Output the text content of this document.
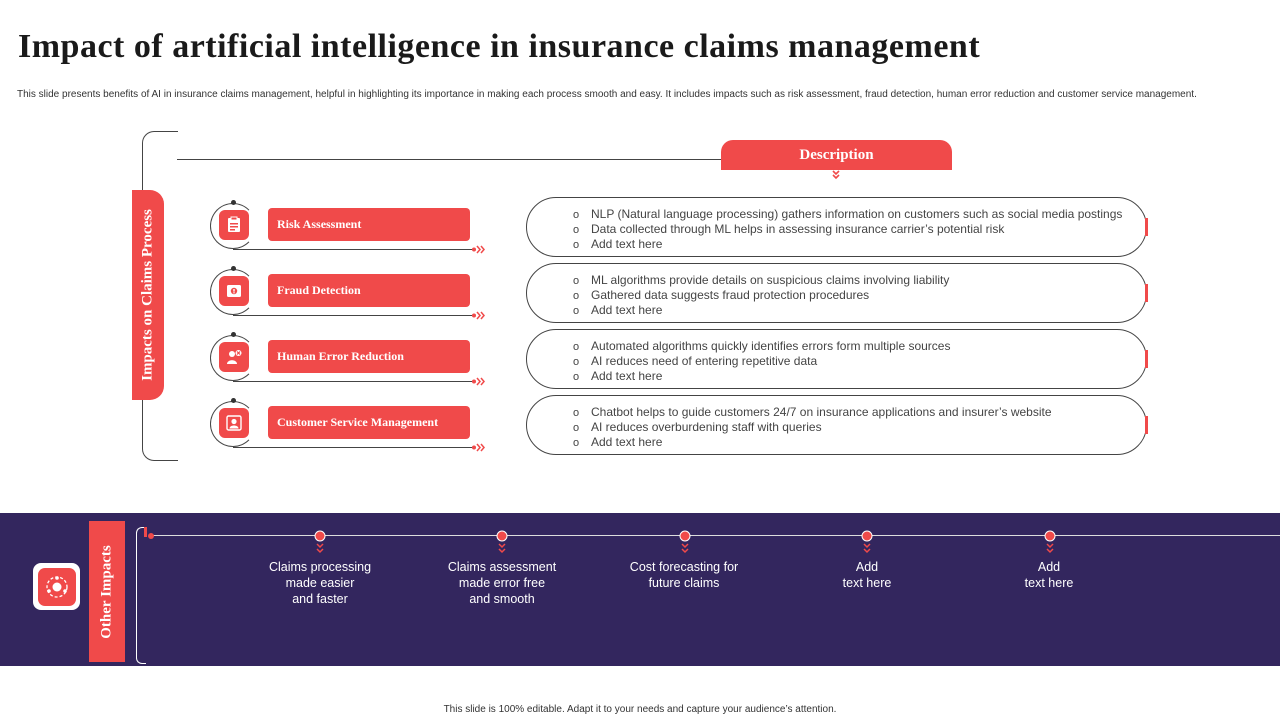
Impact of artificial intelligence in insurance claims management
This slide presents benefits of AI in insurance claims management, helpful in highlighting its importance in making each process smooth and easy. It includes impacts such as risk assessment, fraud detection, human error reduction and customer service management.
Impacts on Claims Process
Description
Risk Assessment
o NLP (Natural language processing) gathers information on customers such as social media postings
o Data collected through ML helps in assessing insurance carrier’s potential risk
o Add text here
Fraud Detection
o ML algorithms provide details on suspicious claims involving liability
o Gathered data suggests fraud protection procedures
o Add text here
Human Error Reduction
o Automated algorithms quickly identifies errors form multiple sources
o AI reduces need of entering repetitive data
o Add text here
Customer Service Management
o Chatbot helps to guide customers 24/7 on insurance applications and insurer’s website
o AI reduces overburdening staff with queries
o Add text here
Other Impacts	Claims processing
made easier
and faster
Claims assessment
made error free
and smooth
Cost forecasting for
future claims
Add
text here
Add
text here
This slide is 100% editable. Adapt it to your needs and capture your audience’s attention.
